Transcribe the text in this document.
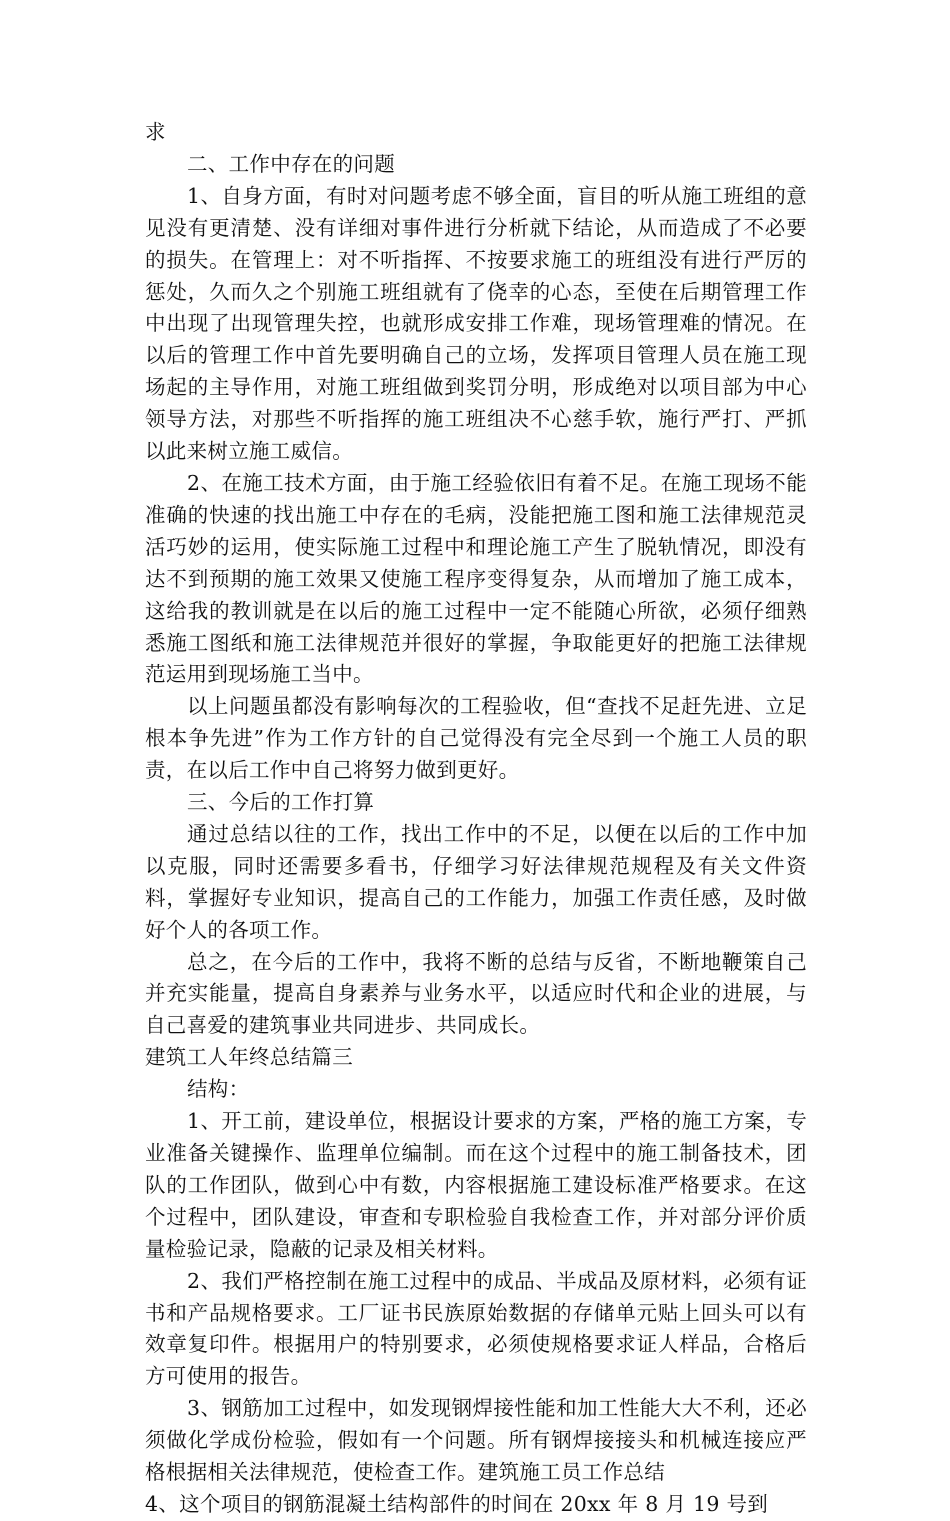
求

二、工作中存在的问题

1、自身方面，有时对问题考虑不够全面，盲目的听从施工班组的意见没有更清楚、没有详细对事件进行分析就下结论，从而造成了不必要的损失。在管理上：对不听指挥、不按要求施工的班组没有进行严厉的惩处，久而久之个别施工班组就有了侥幸的心态，至使在后期管理工作中出现了出现管理失控，也就形成安排工作难，现场管理难的情况。在以后的管理工作中首先要明确自己的立场，发挥项目管理人员在施工现场起的主导作用，对施工班组做到奖罚分明，形成绝对以项目部为中心领导方法，对那些不听指挥的施工班组决不心慈手软，施行严打、严抓以此来树立施工威信。

2、在施工技术方面，由于施工经验依旧有着不足。在施工现场不能准确的快速的找出施工中存在的毛病，没能把施工图和施工法律规范灵活巧妙的运用，使实际施工过程中和理论施工产生了脱轨情况，即没有达不到预期的施工效果又使施工程序变得复杂，从而增加了施工成本，这给我的教训就是在以后的施工过程中一定不能随心所欲，必须仔细熟悉施工图纸和施工法律规范并很好的掌握，争取能更好的把施工法律规范运用到现场施工当中。

以上问题虽都没有影响每次的工程验收，但“查找不足赶先进、立足根本争先进”作为工作方针的自己觉得没有完全尽到一个施工人员的职责，在以后工作中自己将努力做到更好。

三、今后的工作打算

通过总结以往的工作，找出工作中的不足，以便在以后的工作中加以克服，同时还需要多看书，仔细学习好法律规范规程及有关文件资料，掌握好专业知识，提高自己的工作能力，加强工作责任感，及时做好个人的各项工作。

总之，在今后的工作中，我将不断的总结与反省，不断地鞭策自己并充实能量，提高自身素养与业务水平，以适应时代和企业的进展，与自己喜爱的建筑事业共同进步、共同成长。

建筑工人年终总结篇三

结构：

1、开工前，建设单位，根据设计要求的方案，严格的施工方案，专业准备关键操作、监理单位编制。而在这个过程中的施工制备技术，团队的工作团队，做到心中有数，内容根据施工建设标准严格要求。在这个过程中，团队建设，审查和专职检验自我检查工作，并对部分评价质量检验记录，隐蔽的记录及相关材料。

2、我们严格控制在施工过程中的成品、半成品及原材料，必须有证书和产品规格要求。工厂证书民族原始数据的存储单元贴上回头可以有效章复印件。根据用户的特别要求，必须使规格要求证人样品，合格后方可使用的报告。

3、钢筋加工过程中，如发现钢焊接性能和加工性能大大不利，还必须做化学成份检验，假如有一个问题。所有钢焊接接头和机械连接应严格根据相关法律规范，使检查工作。建筑施工员工作总结

4、这个项目的钢筋混凝土结构部件的时间在 20xx 年 8 月 19 号到
